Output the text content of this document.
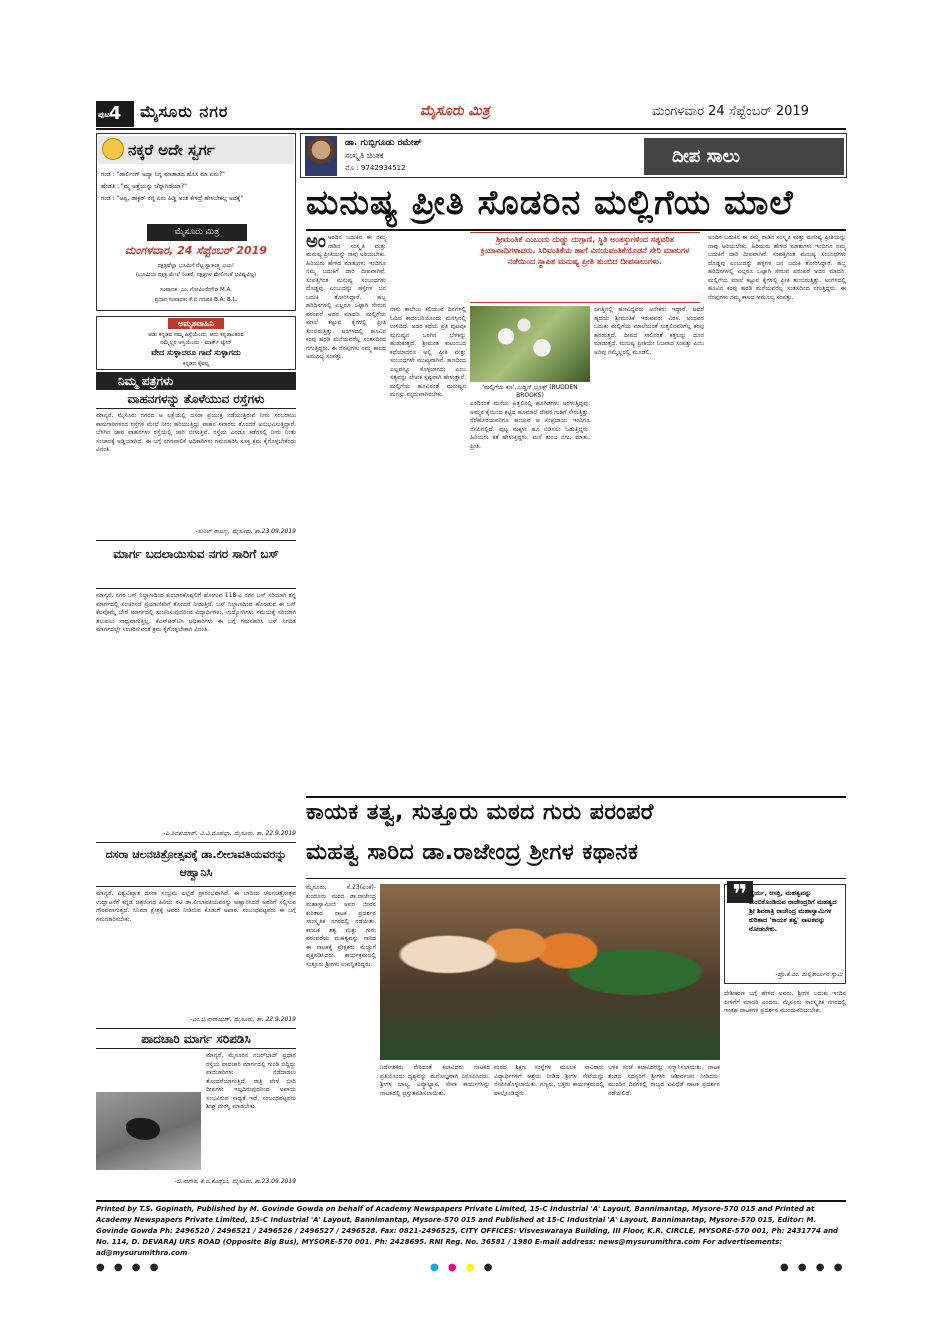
ಪುಟ
4	ಮೈಸೂರು ನಗರ	ಮೈಸೂರು ಮಿತ್ರ	ಮಂಗಳವಾರ 24 ಸೆಪ್ಟೆಂಬರ್ 2019
ನಕ್ಕರೆ ಅದೇ ಸ್ವರ್ಗ
ಗಂಡ : "ಡಾರ್ಲಿಂಗ್ ಅದ್ಯಾ ನಿನ್ನ ಮಾತಾಡದ ಹೊಸ ಮಾ ಏನು?"
ಹೆಂಡತಿ : "ಮ್ಮ ಅತ್ತೆಯನ್ನು ಚೆನ್ನಾಗಿದೆಯಾ?"
ಗಂಡ : "ಅಪ್ಪ, ಡಾಕ್ಟರ್ ನನ್ನ ಏನು ಹಿಡ್ಡಿ ಅಂತ ಕೇಳಿದ್ರೆ ಹೇಳಬೇಕಲ್ಲ ಅದಕ್ಕೆ"
ಮೈಸೂರು ಮಿತ್ರ
ಮಂಗಳವಾರ, 24 ಸೆಪ್ಟೆಂಬರ್ 2019
ನಕ್ಷತ್ರವೆಲ್ಲಾ ಭೂಮಿಗೆ ನೆಟ್ಟ ಸ್ವಾತಂತ್ರ್ಯ ಭಯ!
(ಭೂಮಿಯ ನಕ್ಷತ್ರ ಮೇಲೆ ನಿಂತರೆ, ನಕ್ಷತ್ರಗಳ ಮೇಲಿನಂತೆ ಭವಿಷ್ಯವಿಲ್ಲ)
ಸಂಪಾದಕ: ಎಂ. ಗೋವಿಂದೇಗೌಡ M.A.
ಪ್ರಧಾನ ಸಂಪಾದಕ: ಕೆ.ಬಿ.ಗಣಪತಿ B.A; B.L.
ಅಮೃತವಾಹಿನಿ
ಆಡು ಕನ್ನಡವ ನಮ್ಮ ಹಿಸ್ಸೆಯೆಂದು, ಆದು ಕನ್ನಡಾಂತರವ
ನಮ್ಮೆಲ್ಲರ ಆಸ್ತಿಯೆಂದು - ಮಾರ್ಕ್ ಟ್ವೇನ್
ವೇದ ಸುಳ್ಳಾದರೂ ಗಾದೆ ಸುಳ್ಳಾಗದು
ಕನ್ನಡದ ಕೈವಲ್ಯ
ನಿಮ್ಮ ಪತ್ರಗಳು
ವಾಹನಗಳನ್ನು ತೊಳೆಯುವ ರಸ್ತೆಗಳು
ಮಾನ್ಯರೆ, ಮೈಸೂರು ನಗರದ ಅ ಲಕ್ಷೆಯಲ್ಲಿ ದಸರಾ ಪ್ರಯುಕ್ತ ನಡೆಯುತ್ತಿರುವ ನೀರು ಸರಬರಾಜು ಕಾಮಗಾರಿಗಳಿಂದ ರಸ್ತೆಗಳ ಮೇಲೆ ನೀರು ಹರಿಯುತ್ತಿದ್ದು ವಾಹನ ಸವಾರರು ತೊಂದರೆ ಅನುಭವಿಸುತ್ತಿದ್ದಾರೆ. ಬೆಳಗಿನ ಜಾವ ವಾಹನಗಳು ರಸ್ತೆಯಲ್ಲಿ ಜಾರಿ ಬೀಳುತ್ತಿವೆ. ರಸ್ತೆಯ ಎರಡೂ ಕಡೆಗಳಲ್ಲಿ ನೀರು ನಿಂತು ಸಂಚಾರಕ್ಕೆ ಅಡ್ಡಿಯಾಗಿದೆ. ಈ ಬಗ್ಗೆ ನಗರಪಾಲಿಕೆ ಅಧಿಕಾರಿಗಳು ಗಮನಹರಿಸಿ ಸೂಕ್ತ ಕ್ರಮ ಕೈಗೊಳ್ಳಬೇಕೆಂದು ವಿನಂತಿ.
-ಸುನಿಲ್ ರಾಜಣ್ಣ, ಮೈಸೂರು, ತಾ.23.09.2019
ಮಾರ್ಗ ಬದಲಾಯಿಸುವ ನಗರ ಸಾರಿಗೆ ಬಸ್
ಮಾನ್ಯರೆ, ನಗರ ಬಸ್ ನಿಲ್ದಾಣದಿಂದ ಕುಂಬಾರಕೊಪ್ಪಲಿಗೆ ಹೋಗುವ 118-ಎ ನಗರ ಬಸ್ ಸರಿಯಾಗಿ ತನ್ನ ಮಾರ್ಗದಲ್ಲಿ ಸಂಚರಿಸದೆ ಪ್ರಯಾಣಿಕರಿಗೆ ತೊಂದರೆ ನೀಡುತ್ತಿದೆ. ಬಸ್ ನಿಲ್ದಾಣದಿಂದ ಹೊರಡುವ ಈ ಬಸ್ ಕೆಲವೊಮ್ಮೆ ಬೇರೆ ಮಾರ್ಗದಲ್ಲಿ ಸಂಚರಿಸುವುದರಿಂದ ವಿದ್ಯಾರ್ಥಿಗಳು, ಉದ್ಯೋಗಿಗಳು ಸಮಯಕ್ಕೆ ಸರಿಯಾಗಿ ತಲುಪಲು ಸಾಧ್ಯವಾಗುತ್ತಿಲ್ಲ. ಕೆಎಸ್‌ಆರ್‌ಟಿಸಿ ಅಧಿಕಾರಿಗಳು ಈ ಬಗ್ಗೆ ಗಮನಹರಿಸಿ ಬಸ್ ನಿಗದಿತ ಮಾರ್ಗದಲ್ಲೇ ಸಂಚರಿಸುವಂತೆ ಕ್ರಮ ಕೈಗೊಳ್ಳಬೇಕಾಗಿ ವಿನಂತಿ.
-ಪಿ.ಶಿವಕುಮಾರ್, ವಿ.ವಿ.ಮೊಹಲ್ಲಾ, ಮೈಸೂರು, ತಾ. 22.9.2019
ದಸರಾ ಚಲನಚಿತ್ರೋತ್ಸವಕ್ಕೆ ಡಾ.ಲೀಲಾವತಿಯವರನ್ನು ಆಹ್ವಾನಿಸಿ
ಮಾನ್ಯರೆ, ವಿಶ್ವವಿಖ್ಯಾತ ದಸರಾ ಸಂಭ್ರಮ ಎಲ್ಲೆಡೆ ಪ್ರಾರಂಭವಾಗಿದೆ. ಈ ಬಾರಿಯ ಚಲನಚಿತ್ರೋತ್ಸವ ಉದ್ಘಾಟನೆಗೆ ಕನ್ನಡ ಚಿತ್ರರಂಗದ ಹಿರಿಯ ನಟಿ ಡಾ.ಲೀಲಾವತಿಯವರನ್ನು ಆಹ್ವಾನಿಸಿದರೆ ಅವರಿಗೆ ಸಲ್ಲಿಸುವ ಗೌರವವಾಗುತ್ತದೆ. ಸಿನಿಮಾ ಕ್ಷೇತ್ರಕ್ಕೆ ಅವರು ನೀಡಿರುವ ಕೊಡುಗೆ ಅಪಾರ. ಸಂಬಂಧಪಟ್ಟವರು ಈ ಬಗ್ಗೆ ಗಮನಹರಿಸಬೇಕು.
-ಎಂ.ಬಿ.ನಾರಾಯಣ್, ಮೈಸೂರು, ತಾ. 22.9.2019
ಪಾದಚಾರಿ ಮಾರ್ಗ ಸರಿಪಡಿಸಿ
ಮಾನ್ಯರೆ, ಮೈಸೂರಿನ ನಜರ್‌ಬಾದ್ ಪ್ರಧಾನ ರಸ್ತೆಯ ಪಾದಚಾರಿ ಮಾರ್ಗದಲ್ಲಿ ಗುಂಡಿ ಬಿದ್ದಿದ್ದು ಪಾದಚಾರಿಗಳು ನಡೆದಾಡಲು ತೊಂದರೆಯಾಗುತ್ತಿದೆ. ರಾತ್ರಿ ವೇಳೆ ಬೀದಿ ದೀಪಗಳು ಇಲ್ಲದಿರುವುದರಿಂದ ಅಪಾಯ ಸಂಭವಿಸುವ ಸಾಧ್ಯತೆ ಇದೆ. ಸಂಬಂಧಪಟ್ಟವರು ಶೀಘ್ರ ದುರಸ್ತಿ ಮಾಡಬೇಕು.
-ಬಿ.ನಾಗೇಶ, ಕೆ.ಜಿ.ಕೊಪ್ಪಲು, ಮೈಸೂರು, ತಾ.23.09.2019
ಡಾ. ಗುಬ್ಬಿಗೂಡು ರಮೇಶ್
ಸಂಸ್ಕೃತಿ ಚಿಂತಕ
ಮೊ : 9742934512
ದೀಪ ಸಾಲು
ಮನುಷ್ಯ ಪ್ರೀತಿ ಸೊಡರಿನ ಮಲ್ಲಿಗೆಯ ಮಾಲೆ
ಅಂಅಂದಿನ ಬದುಕಿನ ಈ ನಮ್ಮ ನಾಡಿನ ಸಂಸ್ಕೃತಿ ಮತ್ತು ಮನುಷ್ಯ ಪ್ರೀತಿಯನ್ನು ನಾವು ಅರಿಯಬೇಕು. ಹಿರಿಯರು ಹೇಳಿದ ಮಾತುಗಳು ಇಂದಿಗೂ ನಮ್ಮ ಬದುಕಿಗೆ ದಾರಿ ದೀಪವಾಗಿವೆ. ಸಂಪತ್ತಿಗಿಂತ ಮನುಷ್ಯ ಸಂಬಂಧಗಳು ದೊಡ್ಡವು ಎಂಬುದನ್ನು ಹಳ್ಳಿಗಳ ಜನ ಬದುಕಿ ತೋರಿಸಿದ್ದಾರೆ. ಹಬ್ಬ ಹರಿದಿನಗಳಲ್ಲಿ ಎಲ್ಲರೂ ಒಟ್ಟಾಗಿ ಸೇರುವ ಪರಂಪರೆ ಅದರ ಮಾದರಿ. ಮಲ್ಲಿಗೆಯ ಮಾಲೆ ಕಟ್ಟುವ ಕೈಗಳಲ್ಲಿ ಪ್ರೀತಿ ತುಂಬಿರುತ್ತಿತ್ತು. ಅಂಗಳದಲ್ಲಿ ಹೂವಿನ ಕಂಪು ಹರಡಿ ಮನೆಯವರೆಲ್ಲ ಸಂತಸದಿಂದ ನಗುತ್ತಿದ್ದರು. ಈ ನೆನಪುಗಳು ನಮ್ಮ ಕಾಲದ ಅಮೂಲ್ಯ ಸಂಪತ್ತು.
ನಾನು ಕಾಲೇಜು ಕಲಿಯುವ ದಿನಗಳಲ್ಲಿ ಓದಿದ ಕಾದಂಬರಿಯೊಂದು ಮನಸ್ಸಿನಲ್ಲಿ ಉಳಿದಿದೆ. ಅದರ ಕಥೆಯ ಪ್ರತಿ ಪುಟವೂ ಮನುಷ್ಯನ ಒಳಗಿನ ಬೆಳಕನ್ನು ಹುಡುಕುತ್ತದೆ. ಶ್ರೀಮಂತ ಕುಟುಂಬದ ಕಥೆಯಾದರೂ ಅಲ್ಲಿ ಪ್ರೀತಿ ಮತ್ತು ಸಂಬಂಧಗಳೇ ಮುಖ್ಯವಾಗಿವೆ. ಹಣದಿಂದ ಎಲ್ಲವನ್ನೂ ಕೊಳ್ಳಲಾಗದು ಎಂಬ ಸತ್ಯವನ್ನು ಲೇಖಕ ಸ್ಪಷ್ಟವಾಗಿ ಹೇಳುತ್ತಾನೆ. ಮಲ್ಲಿಗೆಯ ಹೂವಿನಂತೆ ಮನುಷ್ಯನ ಮನಸ್ಸು ಮೃದುವಾಗಿರಬೇಕು.
ಶ್ರೀಮಂತಿಕೆ ಎಂಬುದು ದುಡ್ಡು ದುಗ್ಗಾಣಿ, ಸ್ಥಿತಿ ಅಂತಸ್ತುಗಳಿಂದ ಸತ್ಯವರಿತ ಕ್ರಿಯಾವಾದಿಗಳಾದರು. ಸಿರಿವಂತಿಕೆಯ ಹಾಗೆ ವಿನಯವಂತಿಕೆಯೊಡನೆ ಸೇರಿ ಮಾತುಗಳ ನಡೆಯಿಂದ ಸ್ಥಾಪಿತ ಮನುಷ್ಯ ಪ್ರೀತಿ ತುಂಬಿದ ದೀಪಸಾಲುಗಳು.
'ಮಲ್ಲಿಗೆಯ ಕಣ', ಬಡ್ಡನ್ ಬ್ರೂಕ್ಸ್ (BUDDEN BROOKS)
ಎಂದಿನಂತೆ ಮನೆಯ ಹಿತ್ತಲಿನಲ್ಲಿ ಹೂಗಿಡಗಳು ಅರಳುತ್ತಿದ್ದವು. ಅಮ್ಮನ ಕೈಯಿಂದ ಕಟ್ಟಿದ ಹೂಮಾಲೆ ದೇವರ ಗುಡಿಗೆ ಸೇರುತ್ತಿತ್ತು. ನೆರೆಹೊರೆಯವರಿಗೂ ಹಂಚುವ ಆ ಸಂಪ್ರದಾಯ ಇಂದಿಗೂ ನೆನಪಿನಲ್ಲಿದೆ. ಪುಟ್ಟ ಮಕ್ಕಳು ಹೂ ಬಿಡಿಸಲು ಓಡುತ್ತಿದ್ದರು. ಹಿರಿಯರು ಕತೆ ಹೇಳುತ್ತಿದ್ದರು. ಮನೆ ತುಂಬ ನಗು, ಮಾತು, ಪ್ರೀತಿ.
ಜಗತ್ತಿನಲ್ಲಿ ಹಣವಿದ್ದವರು ಅನೇಕರು ಇದ್ದಾರೆ. ಆದರೆ ಹೃದಯ ಶ್ರೀಮಂತಿಕೆ ಇರುವವರು ವಿರಳ. ಅಂಥವರ ಬದುಕು ಮಲ್ಲಿಗೆಯ ಮಾಲೆಯಂತೆ ಸುತ್ತಲಿನವರಿಗೆಲ್ಲ ಕಂಪು ಹರಡುತ್ತದೆ. ದೀಪದ ಸಾಲಿನಂತೆ ಕತ್ತಲನ್ನು ದೂರ ಮಾಡುತ್ತದೆ. ಮನುಷ್ಯ ಪ್ರೀತಿಯೇ ನಿಜವಾದ ಸಂಪತ್ತು ಎಂಬ ಅರಿವು ನಮ್ಮೆಲ್ಲರಲ್ಲಿ ಮೂಡಲಿ.
ಅಂದಿನ ಬದುಕಿನ ಈ ನಮ್ಮ ನಾಡಿನ ಸಂಸ್ಕೃತಿ ಮತ್ತು ಮನುಷ್ಯ ಪ್ರೀತಿಯನ್ನು ನಾವು ಅರಿಯಬೇಕು. ಹಿರಿಯರು ಹೇಳಿದ ಮಾತುಗಳು ಇಂದಿಗೂ ನಮ್ಮ ಬದುಕಿಗೆ ದಾರಿ ದೀಪವಾಗಿವೆ. ಸಂಪತ್ತಿಗಿಂತ ಮನುಷ್ಯ ಸಂಬಂಧಗಳು ದೊಡ್ಡವು ಎಂಬುದನ್ನು ಹಳ್ಳಿಗಳ ಜನ ಬದುಕಿ ತೋರಿಸಿದ್ದಾರೆ. ಹಬ್ಬ ಹರಿದಿನಗಳಲ್ಲಿ ಎಲ್ಲರೂ ಒಟ್ಟಾಗಿ ಸೇರುವ ಪರಂಪರೆ ಅದರ ಮಾದರಿ. ಮಲ್ಲಿಗೆಯ ಮಾಲೆ ಕಟ್ಟುವ ಕೈಗಳಲ್ಲಿ ಪ್ರೀತಿ ತುಂಬಿರುತ್ತಿತ್ತು. ಅಂಗಳದಲ್ಲಿ ಹೂವಿನ ಕಂಪು ಹರಡಿ ಮನೆಯವರೆಲ್ಲ ಸಂತಸದಿಂದ ನಗುತ್ತಿದ್ದರು. ಈ ನೆನಪುಗಳು ನಮ್ಮ ಕಾಲದ ಅಮೂಲ್ಯ ಸಂಪತ್ತು.
ಕಾಯಕ ತತ್ವ, ಸುತ್ತೂರು ಮಠದ ಗುರು ಪರಂಪರೆ
ಮಹತ್ವ ಸಾರಿದ ಡಾ.ರಾಜೇಂದ್ರ ಶ್ರೀಗಳ ಕಥಾನಕ
ಮೈಸೂರು, ಸೆ.23(ಎಂಕೆ)- ಕುಂದೂರು ಮಠದ ಡಾ.ರಾಜೇಂದ್ರ ಮಹಾಸ್ವಾಮೀಜಿ ಅವರ ಜೀವನ ಕುರಿತಾದ ನಾಟಕ ಪ್ರದರ್ಶನ ಸಾಂಸ್ಕೃತಿಕ ನಗರದಲ್ಲಿ ನಡೆಯಿತು. ಕಾಯಕ ತತ್ವ ಮತ್ತು ಗುರು ಪರಂಪರೆಯ ಮಹತ್ವವನ್ನು ಸಾರಿದ ಈ ನಾಟಕಕ್ಕೆ ಪ್ರೇಕ್ಷಕರು ಮೆಚ್ಚುಗೆ ವ್ಯಕ್ತಪಡಿಸಿದರು. ಕಾರ್ಯಕ್ರಮದಲ್ಲಿ ಸುತ್ತೂರು ಶ್ರೀಗಳು ಉಪಸ್ಥಿತರಿದ್ದರು.
❞ ಧೈರ್ಯ, ಆಸಕ್ತಿ, ಮಹತ್ವವನ್ನು ತುಂಬಿಕೊಂಡಿರುವ ರಾಜೇಂದ್ರರಿಗೆ ಮಹತ್ವದ ಶ್ರೀ ಶಿವರಾತ್ರಿ ರಾಜೇಂದ್ರ ಮಹಾಸ್ವಾಮಿಗಳ ಕುರಿತಾದ 'ಕಾಯಕ ತತ್ವ' ನಾಟಕವನ್ನು ನೋಡಬೇಕು.
-ಪ್ರೊ.ಕೆ.ಎಂ. ಮಲ್ಲಿಕಾರ್ಜುನ ಸ್ವಾಮಿ
ನಿರ್ದೇಶಕರು ಸೇರಿದಂತೆ ಕಲಾವಿದರು ನಾಟಕದ ಪ್ರತಿಯೊಂದು ದೃಶ್ಯವನ್ನು ಮನೋಜ್ಞವಾಗಿ ನಿರೂಪಿಸಿದರು. ಶ್ರೀಗಳ ಬಾಲ್ಯ, ವಿದ್ಯಾಭ್ಯಾಸ, ಸೇವಾ ಕಾರ್ಯಗಳನ್ನು ನಾಟಕದಲ್ಲಿ ಪ್ರಸ್ತುತಪಡಿಸಲಾಯಿತು.
ಮಠದ ಶಿಕ್ಷಣ ಸಂಸ್ಥೆಗಳ ಮೂಲಕ ಸಾವಿರಾರು ವಿದ್ಯಾರ್ಥಿಗಳಿಗೆ ಆಶ್ರಯ ನೀಡಿದ ಶ್ರೀಗಳ ಸೇವೆಯನ್ನು ನೆನಪಿಸಿಕೊಳ್ಳಲಾಯಿತು. ಗಣ್ಯರು, ಭಕ್ತರು ಕಾರ್ಯಕ್ರಮದಲ್ಲಿ ಪಾಲ್ಗೊಂಡಿದ್ದರು.
ಬಳಿಕ ಸಂಜೆ ಕಲಾವಿದರನ್ನು ಸನ್ಮಾನಿಸಲಾಯಿತು. ನಾಟಕ ತಂಡದ ಸದಸ್ಯರಿಗೆ ಶ್ರೀಗಳು ಆಶೀರ್ವಚನ ನೀಡಿದರು. ಮುಂದಿನ ದಿನಗಳಲ್ಲಿ ರಾಜ್ಯದ ವಿವಿಧೆಡೆ ನಾಟಕ ಪ್ರದರ್ಶನ ನಡೆಯಲಿದೆ.
ದೇಶೀಕರಣ ಬಗ್ಗೆ ಹೇಳಿದ ಅವರು, ಶ್ರೀಗಳ ಬದುಕು ಇಂದಿನ ಪೀಳಿಗೆಗೆ ಮಾದರಿ ಎಂದರು. ಮೈಸೂರು ಸಾಂಸ್ಕೃತಿಕ ನಗರದಲ್ಲಿ ಇಂತಹ ನಾಟಕಗಳ ಪ್ರದರ್ಶನ ಮುಂದುವರಿಯಬೇಕು.
Printed by T.S. Gopinath, Published by M. Govinde Gowda on behalf of Academy Newspapers Private Limited, 15-C Industrial 'A' Layout, Bannimantap, Mysore-570 015 and Printed at Academy Newspapers Private Limited, 15-C Industrial 'A' Layout, Bannimantap, Mysore-570 015 and Published at 15-C Industrial 'A' Layout, Bannimantap, Mysore-570 015, Editor: M. Govinde Gowda Ph: 2496520 / 2496521 / 2496526 / 2496527 / 2496528. Fax: 0821-2496525, CITY OFFICES: Visveswaraya Building, III Floor, K.R. CIRCLE, MYSORE-570 001, Ph: 2431774 and No. 114, D. DEVARAJ URS ROAD (Opposite Big Bus), MYSORE-570 001. Ph: 2428695. RNI Reg. No. 36581 / 1980 E-mail address: news@mysurumithra.com For advertisements: ad@mysurumithra.com
● ● ● ●	● ● ● ●	● ● ● ●
